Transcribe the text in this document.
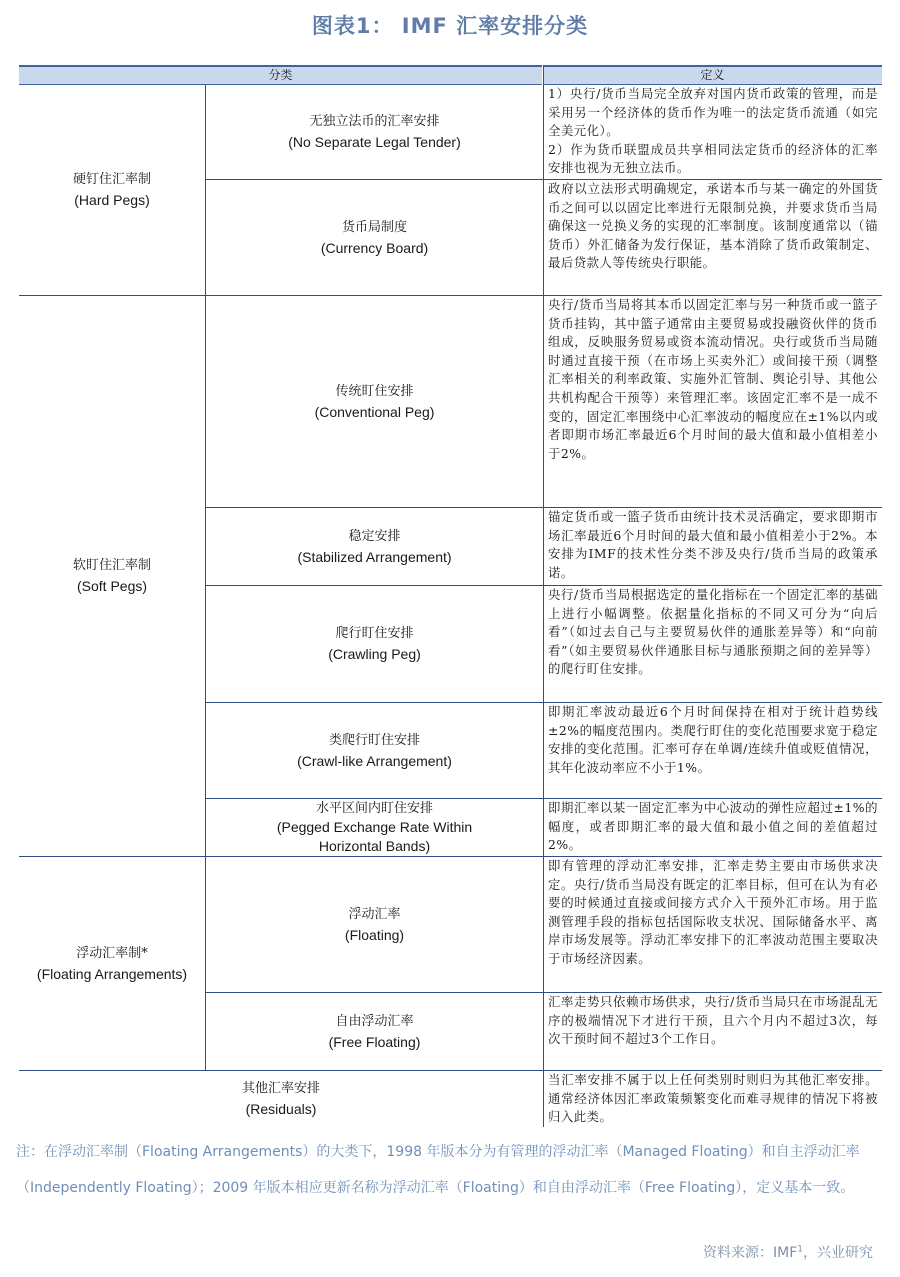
图表1： IMF 汇率安排分类
分类	定义
硬钉住汇率制
(Hard Pegs)
软盯住汇率制
(Soft Pegs)
浮动汇率制*
(Floating Arrangements)
无独立法币的汇率安排
(No Separate Legal Tender)
货币局制度
(Currency Board)
传统盯住安排
(Conventional Peg)
稳定安排
(Stabilized Arrangement)
爬行盯住安排
(Crawling Peg)
类爬行盯住安排
(Crawl-like Arrangement)
水平区间内盯住安排
(Pegged Exchange Rate Within Horizontal Bands)
浮动汇率
(Floating)
自由浮动汇率
(Free Floating)
其他汇率安排
(Residuals)

1）央行/货币当局完全放弃对国内货币政策的管理，而是采用另一个经济体的货币作为唯一的法定货币流通（如完全美元化）。

2）作为货币联盟成员共享相同法定货币的经济体的汇率安排也视为无独立法币。

政府以立法形式明确规定，承诺本币与某一确定的外国货币之间可以以固定比率进行无限制兑换，并要求货币当局确保这一兑换义务的实现的汇率制度。该制度通常以（锚货币）外汇储备为发行保证，基本消除了货币政策制定、最后贷款人等传统央行职能。

央行/货币当局将其本币以固定汇率与另一种货币或一篮子货币挂钩，其中篮子通常由主要贸易或投融资伙伴的货币组成，反映服务贸易或资本流动情况。央行或货币当局随时通过直接干预（在市场上买卖外汇）或间接干预（调整汇率相关的利率政策、实施外汇管制、舆论引导、其他公共机构配合干预等）来管理汇率。该固定汇率不是一成不变的，固定汇率围绕中心汇率波动的幅度应在±1%以内或者即期市场汇率最近6个月时间的最大值和最小值相差小于2%。

锚定货币或一篮子货币由统计技术灵活确定，要求即期市场汇率最近6个月时间的最大值和最小值相差小于2%。本安排为IMF的技术性分类不涉及央行/货币当局的政策承诺。

央行/货币当局根据选定的量化指标在一个固定汇率的基础上进行小幅调整。依据量化指标的不同又可分为“向后看”（如过去自己与主要贸易伙伴的通胀差异等）和“向前看”（如主要贸易伙伴通胀目标与通胀预期之间的差异等）的爬行盯住安排。

即期汇率波动最近6个月时间保持在相对于统计趋势线±2%的幅度范围内。类爬行盯住的变化范围要求宽于稳定安排的变化范围。汇率可存在单调/连续升值或贬值情况，其年化波动率应不小于1%。

即期汇率以某一固定汇率为中心波动的弹性应超过±1%的幅度，或者即期汇率的最大值和最小值之间的差值超过2%。

即有管理的浮动汇率安排，汇率走势主要由市场供求决定。央行/货币当局没有既定的汇率目标，但可在认为有必要的时候通过直接或间接方式介入干预外汇市场。用于监测管理手段的指标包括国际收支状况、国际储备水平、离岸市场发展等。浮动汇率安排下的汇率波动范围主要取决于市场经济因素。

汇率走势只依赖市场供求，央行/货币当局只在市场混乱无序的极端情况下才进行干预，且六个月内不超过3次，每次干预时间不超过3个工作日。

当汇率安排不属于以上任何类别时则归为其他汇率安排。通常经济体因汇率政策频繁变化而难寻规律的情况下将被归入此类。

注：在浮动汇率制（Floating Arrangements）的大类下，1998 年版本分为有管理的浮动汇率（Managed Floating）和自主浮动汇率（Independently Floating）；2009 年版本相应更新名称为浮动汇率（Floating）和自由浮动汇率（Free Floating），定义基本一致。
资料来源：IMF$^1$，兴业研究
